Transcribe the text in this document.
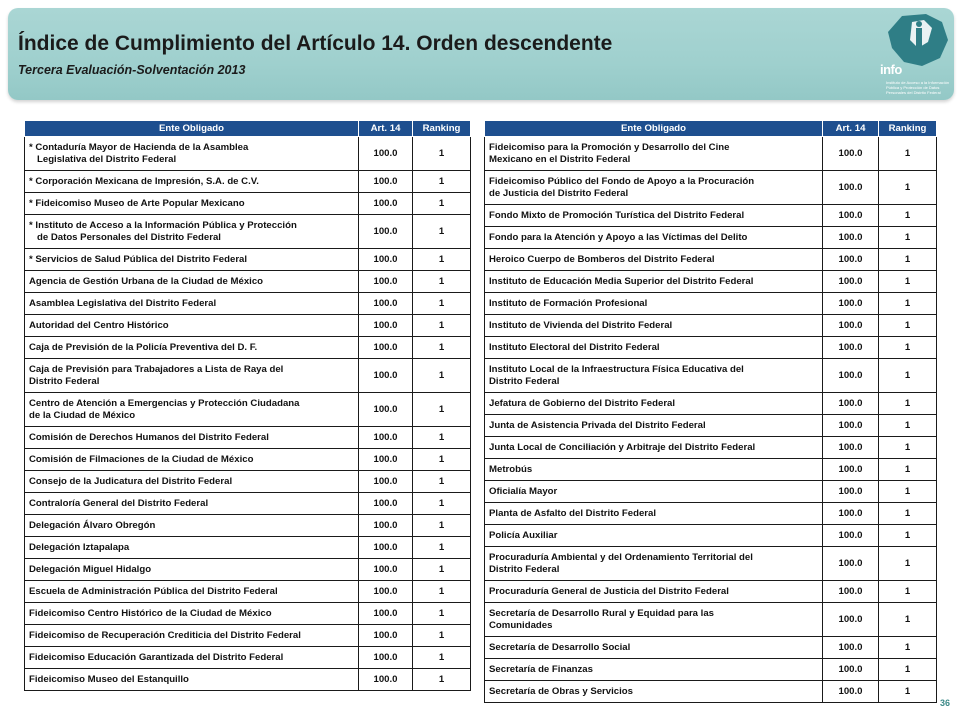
Índice de Cumplimiento del Artículo 14. Orden descendente
Tercera Evaluación-Solventación 2013	info
Instituto de Acceso a la Información Pública y Protección de Datos Personales del Distrito Federal
Ente Obligado	Art. 14	Ranking

* Contaduría Mayor de Hacienda de la Asamblea
Legislativa del Distrito Federal	100.0	1
* Corporación Mexicana de Impresión, S.A. de C.V.	100.0	1
* Fideicomiso Museo de Arte Popular Mexicano	100.0	1

* Instituto de Acceso a la Información Pública y Protección
de Datos Personales del Distrito Federal	100.0	1
* Servicios de Salud Pública del Distrito Federal	100.0	1
Agencia de Gestión Urbana de la Ciudad de México	100.0	1
Asamblea Legislativa del Distrito Federal	100.0	1
Autoridad del Centro Histórico	100.0	1
Caja de Previsión de la Policía Preventiva del D. F.	100.0	1

Caja de Previsión para Trabajadores a Lista de Raya del
Distrito Federal	100.0	1

Centro de Atención a Emergencias y Protección Ciudadana
de la Ciudad de México	100.0	1
Comisión de Derechos Humanos del Distrito Federal	100.0	1
Comisión de Filmaciones de la Ciudad de México	100.0	1
Consejo de la Judicatura del Distrito Federal	100.0	1
Contraloría General del Distrito Federal	100.0	1
Delegación Álvaro Obregón	100.0	1
Delegación Iztapalapa	100.0	1
Delegación Miguel Hidalgo	100.0	1
Escuela de Administración Pública del Distrito Federal	100.0	1
Fideicomiso Centro Histórico de la Ciudad de México	100.0	1
Fideicomiso de Recuperación Crediticia del Distrito Federal	100.0	1
Fideicomiso Educación Garantizada del Distrito Federal	100.0	1
Fideicomiso Museo del Estanquillo	100.0	1
Ente Obligado	Art. 14	Ranking

Fideicomiso para la Promoción y Desarrollo del Cine
Mexicano en el Distrito Federal	100.0	1

Fideicomiso Público del Fondo de Apoyo a la Procuración
de Justicia del Distrito Federal	100.0	1
Fondo Mixto de Promoción Turística del Distrito Federal	100.0	1
Fondo para la Atención y Apoyo a las Víctimas del Delito	100.0	1
Heroico Cuerpo de Bomberos del Distrito Federal	100.0	1
Instituto de Educación Media Superior del Distrito Federal	100.0	1
Instituto de Formación Profesional	100.0	1
Instituto de Vivienda del Distrito Federal	100.0	1
Instituto Electoral del Distrito Federal	100.0	1

Instituto Local de la Infraestructura Física Educativa del
Distrito Federal	100.0	1
Jefatura de Gobierno del Distrito Federal	100.0	1
Junta de Asistencia Privada del Distrito Federal	100.0	1
Junta Local de Conciliación y Arbitraje del Distrito Federal	100.0	1
Metrobús	100.0	1
Oficialía Mayor	100.0	1
Planta de Asfalto del Distrito Federal	100.0	1
Policía Auxiliar	100.0	1

Procuraduría Ambiental y del Ordenamiento Territorial del
Distrito Federal	100.0	1
Procuraduría General de Justicia del Distrito Federal	100.0	1

Secretaría de Desarrollo Rural y Equidad para las
Comunidades	100.0	1
Secretaría de Desarrollo Social	100.0	1
Secretaría de Finanzas	100.0	1
Secretaría de Obras y Servicios	100.0	1
36
